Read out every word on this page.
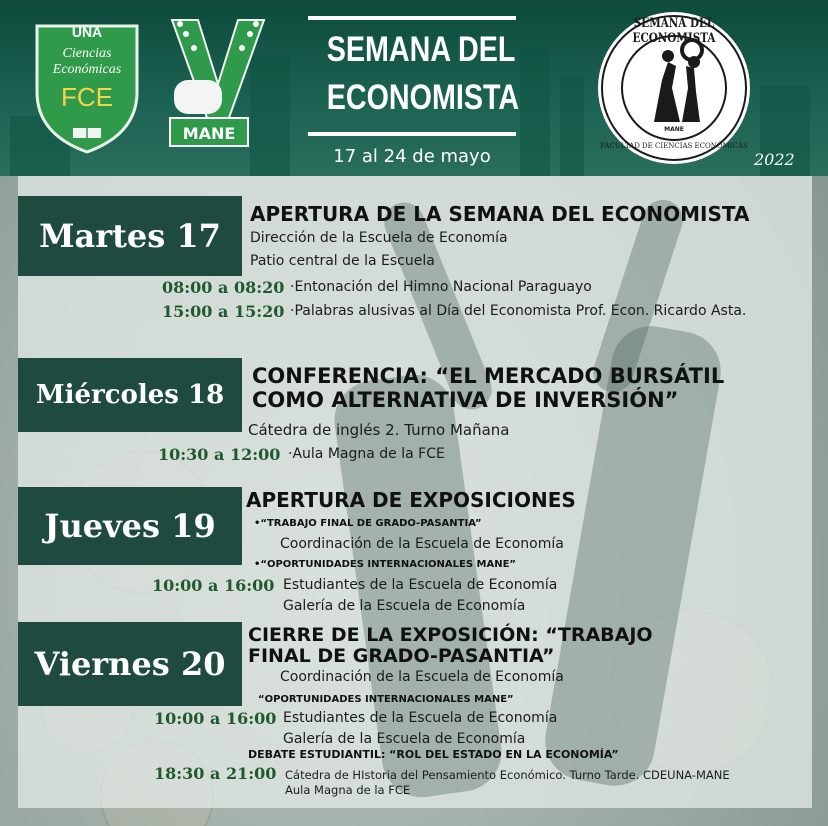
UNA
Ciencias
Económicas
FCE
MANE
SEMANA DEL
ECONOMISTA
17 al 24 de mayo
SEMANA DEL ECONOMISTA
FACULTAD DE CIENCIAS ECONÓMICAS
MANE
2022
Martes 17
APERTURA DE LA SEMANA DEL ECONOMISTA
Dirección de la Escuela de Economía
Patio central de la Escuela
08:00 a 08:20 ·Entonación del Himno Nacional Paraguayo
15:00 a 15:20 ·Palabras alusivas al Día del Economista Prof. Econ. Ricardo Asta.
Miércoles 18
CONFERENCIA: “EL MERCADO BURSÁTIL
COMO ALTERNATIVA DE INVERSIÓN”
Cátedra de inglés 2. Turno Mañana
10:30 a 12:00 ·Aula Magna de la FCE
Jueves 19
APERTURA DE EXPOSICIONES
•“TRABAJO FINAL DE GRADO-PASANTIA”
Coordinación de la Escuela de Economía
•“OPORTUNIDADES INTERNACIONALES MANE”
10:00 a 16:00 Estudiantes de la Escuela de Economía
Galería de la Escuela de Economía
Viernes 20
CIERRE DE LA EXPOSICIÓN: “TRABAJO
FINAL DE GRADO-PASANTIA”
Coordinación de la Escuela de Economía
“OPORTUNIDADES INTERNACIONALES MANE”
10:00 a 16:00 Estudiantes de la Escuela de Economía
Galería de la Escuela de Economía
DEBATE ESTUDIANTIL: “ROL DEL ESTADO EN LA ECONOMÍA”
18:30 a 21:00 Cátedra de HIstoria del Pensamiento Económico. Turno Tarde. CDEUNA-MANE
Aula Magna de la FCE
